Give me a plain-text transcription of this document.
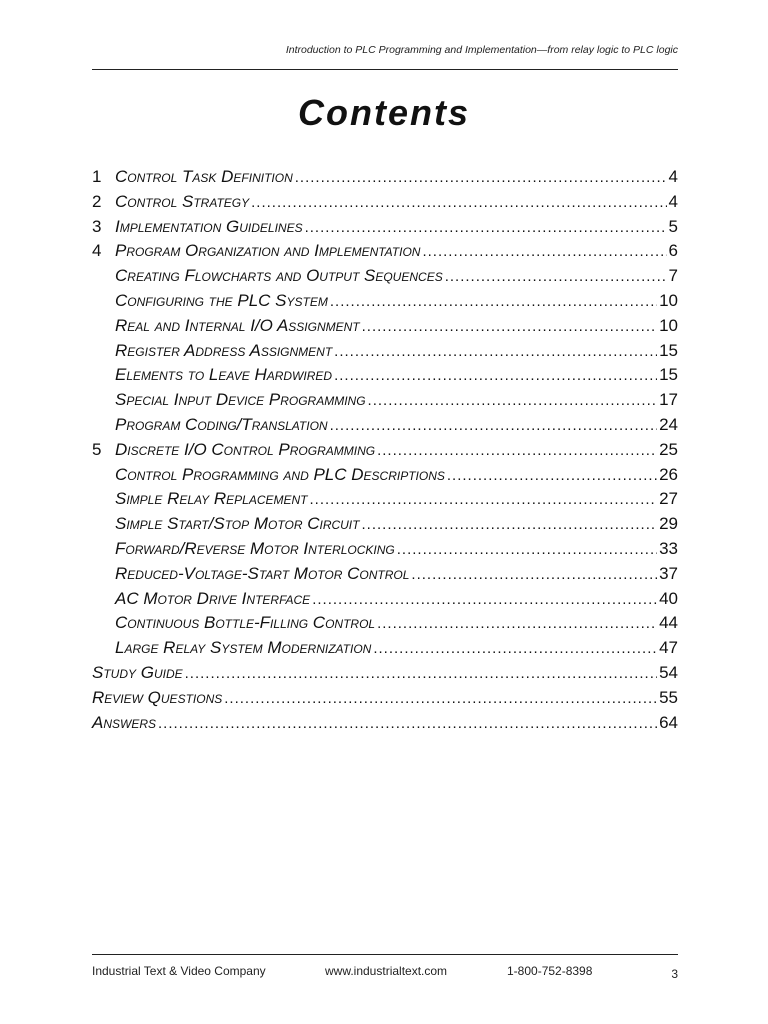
Introduction to PLC Programming and Implementation—from relay logic to PLC logic
Contents
1 Control Task Definition .....	4
2 Control Strategy .....	4
3 Implementation Guidelines .....	5
4 Program Organization and Implementation .....	6
Creating Flowcharts and Output Sequences .....	7
Configuring the PLC System .....	10
Real and Internal I/O Assignment .....	10
Register Address Assignment .....	15
Elements to Leave Hardwired .....	15
Special Input Device Programming .....	17
Program Coding/Translation .....	24
5 Discrete I/O Control Programming .....	25
Control Programming and PLC Descriptions .....	26
Simple Relay Replacement .....	27
Simple Start/Stop Motor Circuit .....	29
Forward/Reverse Motor Interlocking .....	33
Reduced-Voltage-Start Motor Control .....	37
AC Motor Drive Interface .....	40
Continuous Bottle-Filling Control .....	44
Large Relay System Modernization .....	47
Study Guide .....	54
Review Questions .....	55
Answers .....	64
Industrial Text & Video Company	www.industrialtext.com	1-800-752-8398	3
